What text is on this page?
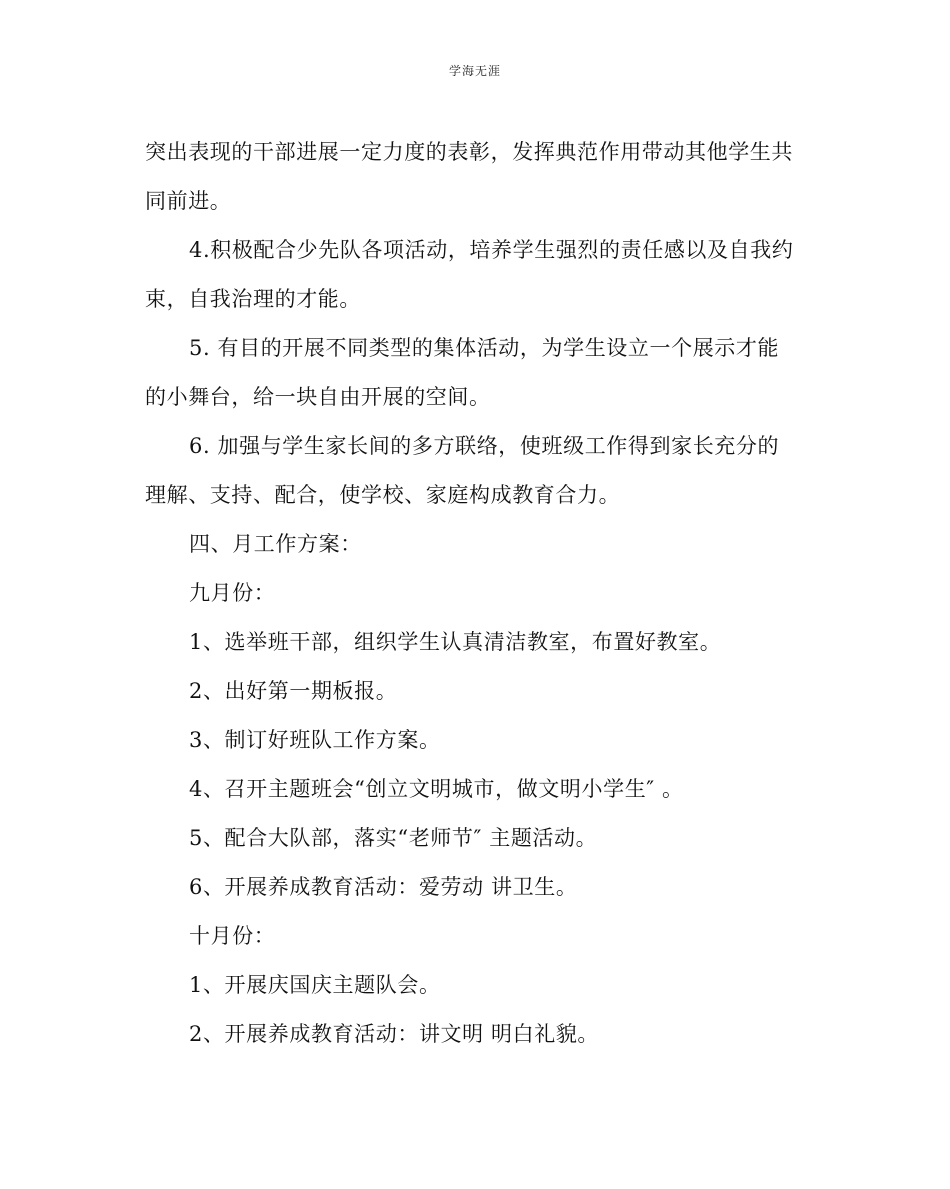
学海无涯
突出表现的干部进展一定力度的表彰，发挥典范作用带动其他学生共
同前进。
4.积极配合少先队各项活动，培养学生强烈的责任感以及自我约
束，自我治理的才能。
5. 有目的开展不同类型的集体活动，为学生设立一个展示才能
的小舞台，给一块自由开展的空间。
6. 加强与学生家长间的多方联络，使班级工作得到家长充分的
理解、支持、配合，使学校、家庭构成教育合力。
四、月工作方案：
九月份：
1、选举班干部，组织学生认真清洁教室，布置好教室。
2、出好第一期板报。
3、制订好班队工作方案。
4、召开主题班会“创立文明城市，做文明小学生″ 。
5、配合大队部，落实“老师节″ 主题活动。
6、开展养成教育活动：爱劳动 讲卫生。
十月份：
1、开展庆国庆主题队会。
2、开展养成教育活动：讲文明 明白礼貌。
